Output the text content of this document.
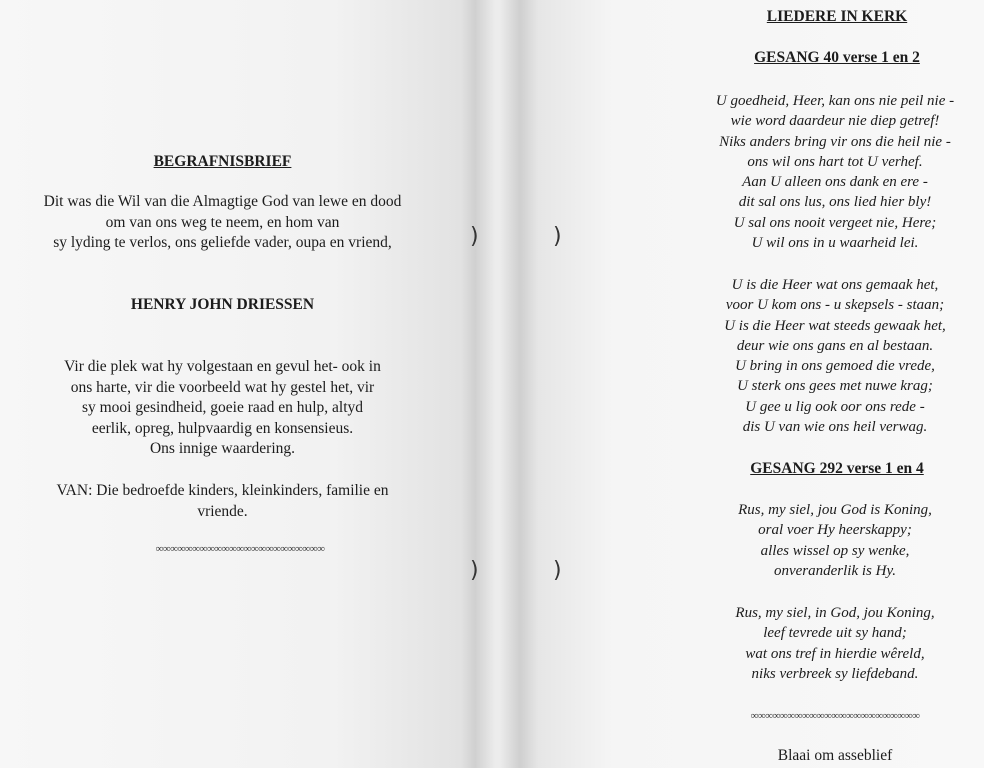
BEGRAFNISBRIEF
Dit was die Wil van die Almagtige God van lewe en dood
om van ons weg te neem, en hom van
sy lyding te verlos, ons geliefde vader, oupa en vriend,
HENRY JOHN DRIESSEN
Vir die plek wat hy volgestaan en gevul het- ook in
ons harte, vir die voorbeeld wat hy gestel het, vir
sy mooi gesindheid, goeie raad en hulp, altyd
eerlik, opreg, hulpvaardig en konsensieus.
Ons innige waardering.
VAN: Die bedroefde kinders, kleinkinders, familie en
vriende.
∞∞∞∞∞∞∞∞∞∞∞∞∞∞∞∞∞∞∞∞∞∞∞
)
)
)
)
LIEDERE IN KERK
GESANG 40 verse 1 en 2
U goedheid, Heer, kan ons nie peil nie -
wie word daardeur nie diep getref!
Niks anders bring vir ons die heil nie -
ons wil ons hart tot U verhef.
Aan U alleen ons dank en ere -
dit sal ons lus, ons lied hier bly!
U sal ons nooit vergeet nie, Here;
U wil ons in u waarheid lei.
U is die Heer wat ons gemaak het,
voor U kom ons - u skepsels - staan;
U is die Heer wat steeds gewaak het,
deur wie ons gans en al bestaan.
U bring in ons gemoed die vrede,
U sterk ons gees met nuwe krag;
U gee u lig ook oor ons rede -
dis U van wie ons heil verwag.
GESANG 292 verse 1 en 4
Rus, my siel, jou God is Koning,
oral voer Hy heerskappy;
alles wissel op sy wenke,
onveranderlik is Hy.
Rus, my siel, in God, jou Koning,
leef tevrede uit sy hand;
wat ons tref in hierdie wêreld,
niks verbreek sy liefdeband.
∞∞∞∞∞∞∞∞∞∞∞∞∞∞∞∞∞∞∞∞∞∞∞
Blaai om asseblief
